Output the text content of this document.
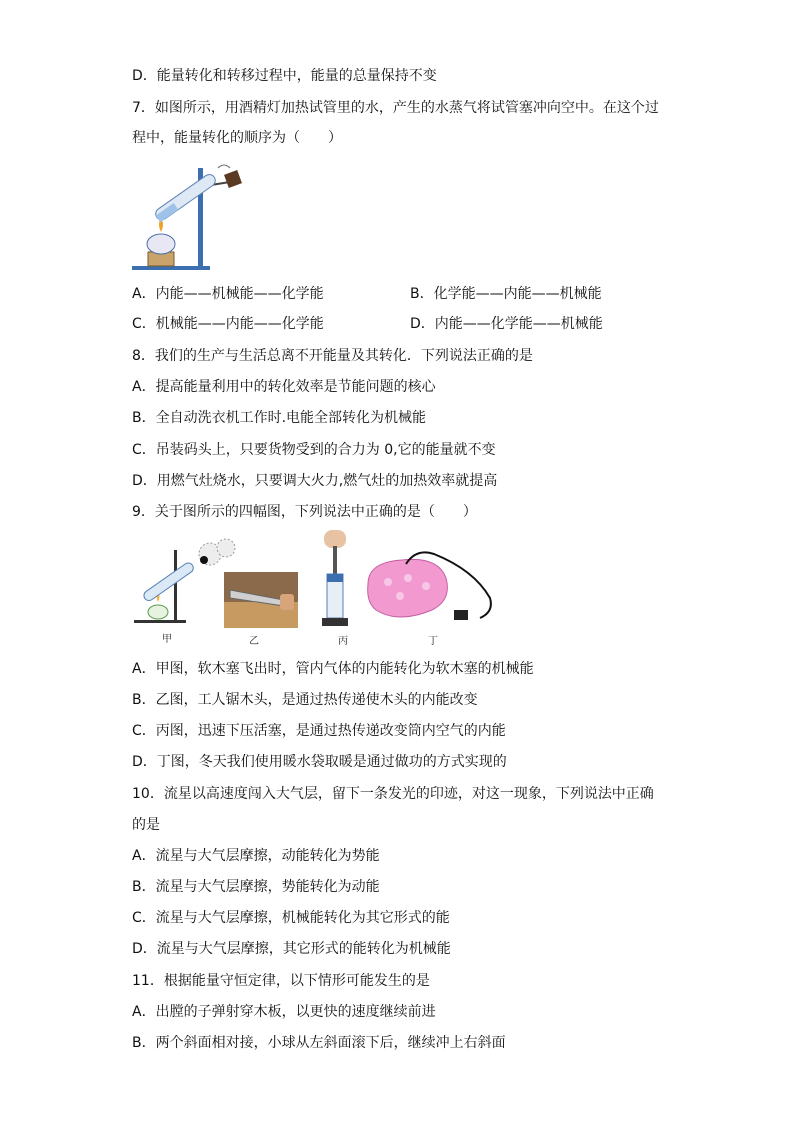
D．能量转化和转移过程中，能量的总量保持不变
7．如图所示，用酒精灯加热试管里的水，产生的水蒸气将试管塞冲向空中。在这个过
程中，能量转化的顺序为（　　）
A．内能——机械能——化学能	B．化学能——内能——机械能
C．机械能——内能——化学能	D．内能——化学能——机械能
8．我们的生产与生活总离不开能量及其转化．下列说法正确的是
A．提高能量利用中的转化效率是节能问题的核心
B．全自动洗衣机工作时.电能全部转化为机械能
C．吊装码头上，只要货物受到的合力为 0,它的能量就不变
D．用燃气灶烧水，只要调大火力,燃气灶的加热效率就提高
9．关于图所示的四幅图，下列说法中正确的是（　　）
甲	乙	丙	丁
A．甲图，软木塞飞出时，管内气体的内能转化为软木塞的机械能
B．乙图，工人锯木头，是通过热传递使木头的内能改变
C．丙图，迅速下压活塞，是通过热传递改变筒内空气的内能
D．丁图，冬天我们使用暖水袋取暖是通过做功的方式实现的
10．流星以高速度闯入大气层，留下一条发光的印迹，对这一现象，下列说法中正确
的是
A．流星与大气层摩擦，动能转化为势能
B．流星与大气层摩擦，势能转化为动能
C．流星与大气层摩擦，机械能转化为其它形式的能
D．流星与大气层摩擦，其它形式的能转化为机械能
11．根据能量守恒定律，以下情形可能发生的是
A．出膛的子弹射穿木板，以更快的速度继续前进
B．两个斜面相对接，小球从左斜面滚下后，继续冲上右斜面
